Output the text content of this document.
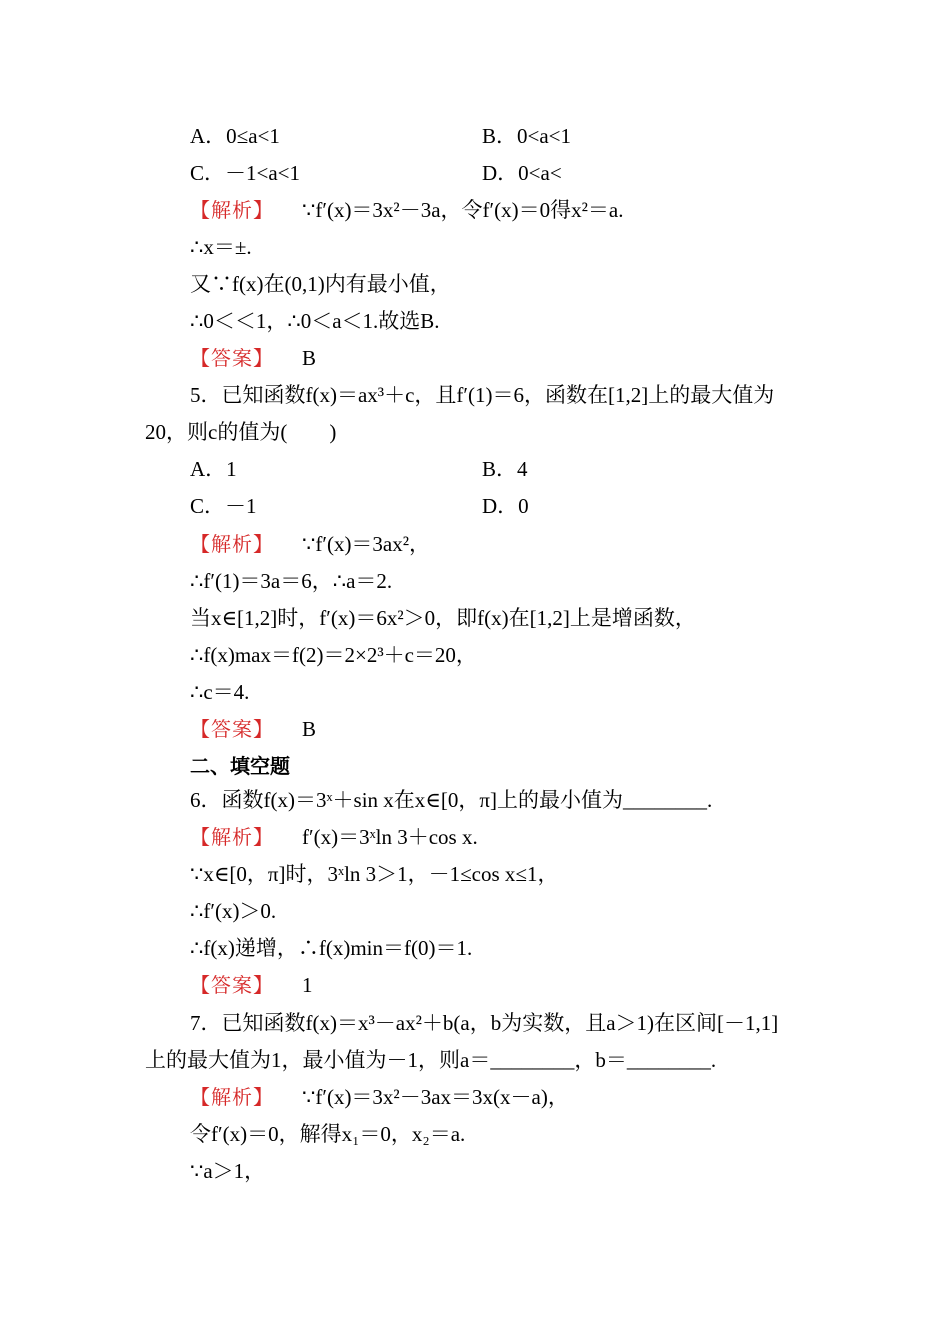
A．0≤a<1	B．0<a<1
C．－1<a<1	D．0<a<
【解析】 ∵f′(x)＝3x²－3a，令f′(x)＝0得x²＝a.
∴x＝±.
又∵f(x)在(0,1)内有最小值，
∴0＜＜1，∴0＜a＜1.故选B.
【答案】 B
5．已知函数f(x)＝ax³＋c，且f′(1)＝6，函数在[1,2]上的最大值为
20，则c的值为(　　)
A．1	B．4
C．－1	D．0
【解析】 ∵f′(x)＝3ax²，
∴f′(1)＝3a＝6，∴a＝2.
当x∈[1,2]时，f′(x)＝6x²＞0，即f(x)在[1,2]上是增函数，
∴f(x)max＝f(2)＝2×2³＋c＝20，
∴c＝4.
【答案】 B
二、填空题
6．函数f(x)＝3ˣ＋sin x在x∈[0，π]上的最小值为________.
【解析】 f′(x)＝3ˣln 3＋cos x.
∵x∈[0，π]时，3ˣln 3＞1，－1≤cos x≤1，
∴f′(x)＞0.
∴f(x)递增，∴f(x)min＝f(0)＝1.
【答案】 1
7．已知函数f(x)＝x³－ax²＋b(a，b为实数，且a＞1)在区间[－1,1]
上的最大值为1，最小值为－1，则a＝________，b＝________.
【解析】 ∵f′(x)＝3x²－3ax＝3x(x－a)，
令f′(x)＝0，解得x₁＝0，x₂＝a.
∵a＞1，
